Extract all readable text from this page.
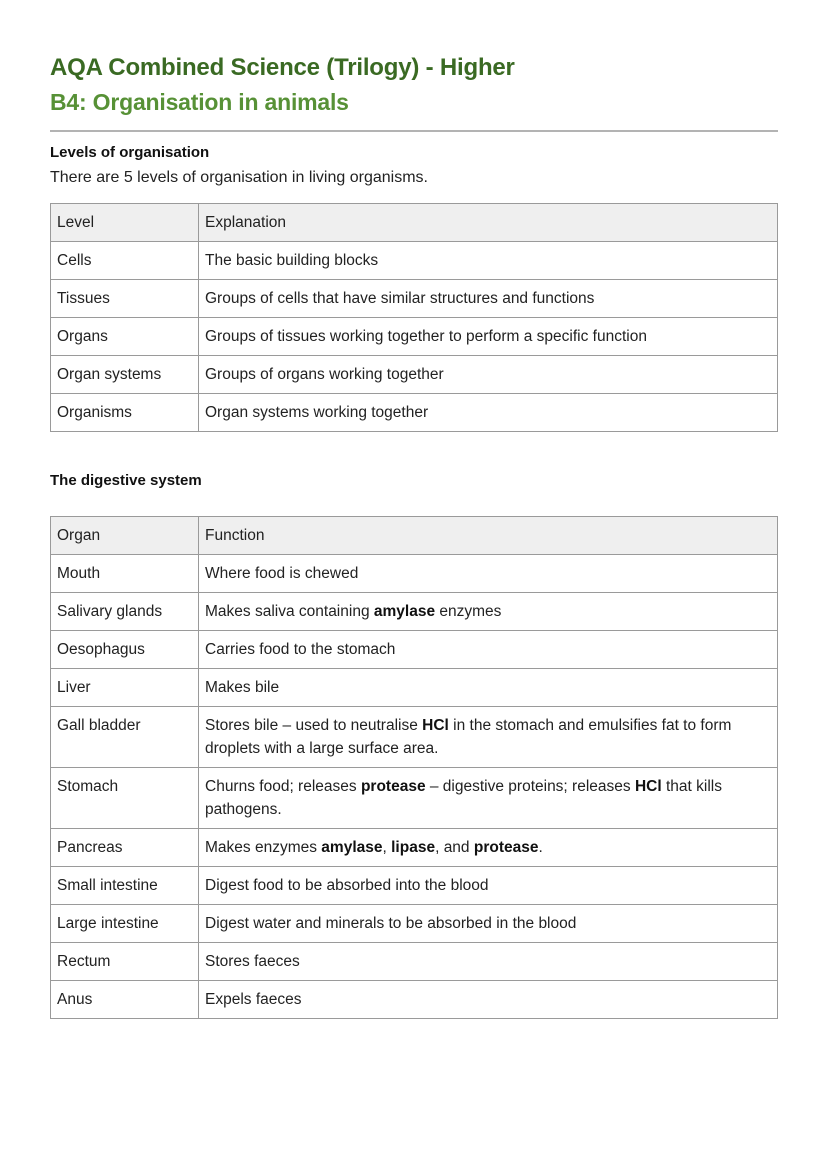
AQA Combined Science (Trilogy) - Higher
B4: Organisation in animals
Levels of organisation
There are 5 levels of organisation in living organisms.
Level	Explanation
Cells	The basic building blocks
Tissues	Groups of cells that have similar structures and functions
Organs	Groups of tissues working together to perform a specific function
Organ systems	Groups of organs working together
Organisms	Organ systems working together
The digestive system
Organ	Function
Mouth	Where food is chewed
Salivary glands	Makes saliva containing amylase enzymes
Oesophagus	Carries food to the stomach
Liver	Makes bile
Gall bladder	Stores bile – used to neutralise HCl in the stomach and emulsifies fat to form droplets with a large surface area.
Stomach	Churns food; releases protease – digestive proteins; releases HCl that kills pathogens.
Pancreas	Makes enzymes amylase, lipase, and protease.
Small intestine	Digest food to be absorbed into the blood
Large intestine	Digest water and minerals to be absorbed in the blood
Rectum	Stores faeces
Anus	Expels faeces
